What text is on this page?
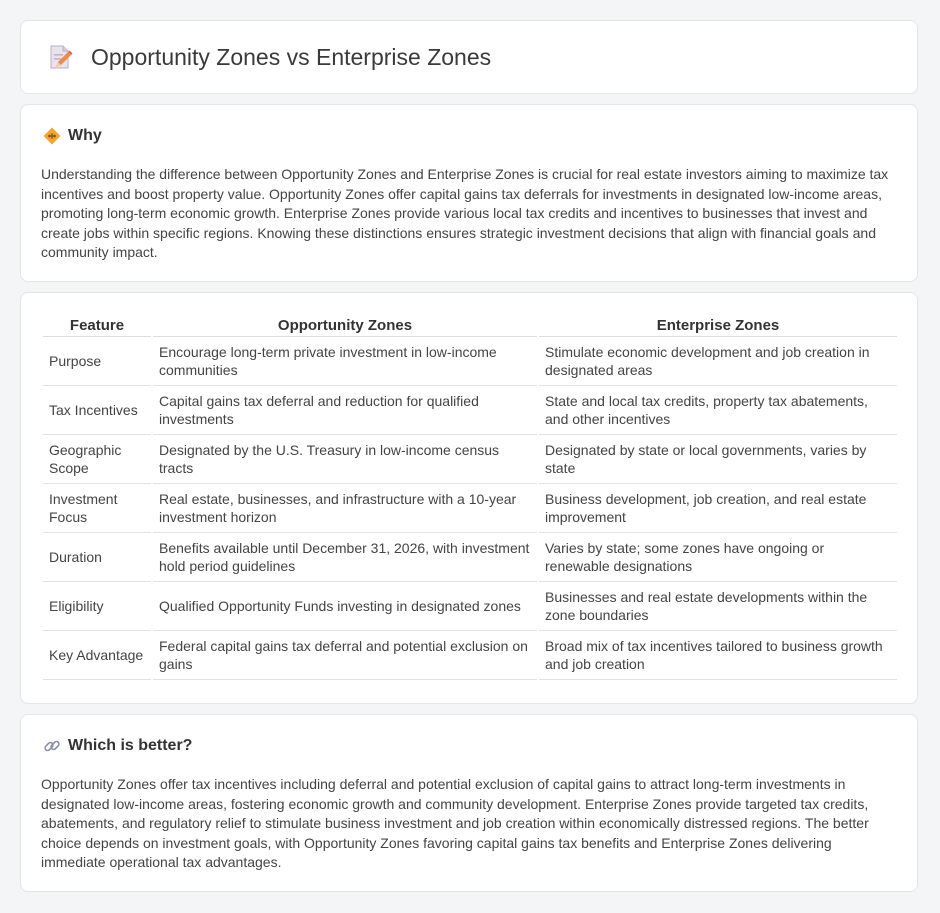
Opportunity Zones vs Enterprise Zones
Why
Understanding the difference between Opportunity Zones and Enterprise Zones is crucial for real estate investors aiming to maximize tax incentives and boost property value. Opportunity Zones offer capital gains tax deferrals for investments in designated low-income areas, promoting long-term economic growth. Enterprise Zones provide various local tax credits and incentives to businesses that invest and create jobs within specific regions. Knowing these distinctions ensures strategic investment decisions that align with financial goals and community impact.
Feature	Opportunity Zones	Enterprise Zones
Purpose	Encourage long-term private investment in low-income communities	Stimulate economic development and job creation in designated areas
Tax Incentives	Capital gains tax deferral and reduction for qualified investments	State and local tax credits, property tax abatements, and other incentives
Geographic Scope	Designated by the U.S. Treasury in low-income census tracts	Designated by state or local governments, varies by state
Investment Focus	Real estate, businesses, and infrastructure with a 10-year investment horizon	Business development, job creation, and real estate improvement
Duration	Benefits available until December 31, 2026, with investment hold period guidelines	Varies by state; some zones have ongoing or renewable designations
Eligibility	Qualified Opportunity Funds investing in designated zones	Businesses and real estate developments within the zone boundaries
Key Advantage	Federal capital gains tax deferral and potential exclusion on gains	Broad mix of tax incentives tailored to business growth and job creation
Which is better?
Opportunity Zones offer tax incentives including deferral and potential exclusion of capital gains to attract long-term investments in designated low-income areas, fostering economic growth and community development. Enterprise Zones provide targeted tax credits, abatements, and regulatory relief to stimulate business investment and job creation within economically distressed regions. The better choice depends on investment goals, with Opportunity Zones favoring capital gains tax benefits and Enterprise Zones delivering immediate operational tax advantages.
